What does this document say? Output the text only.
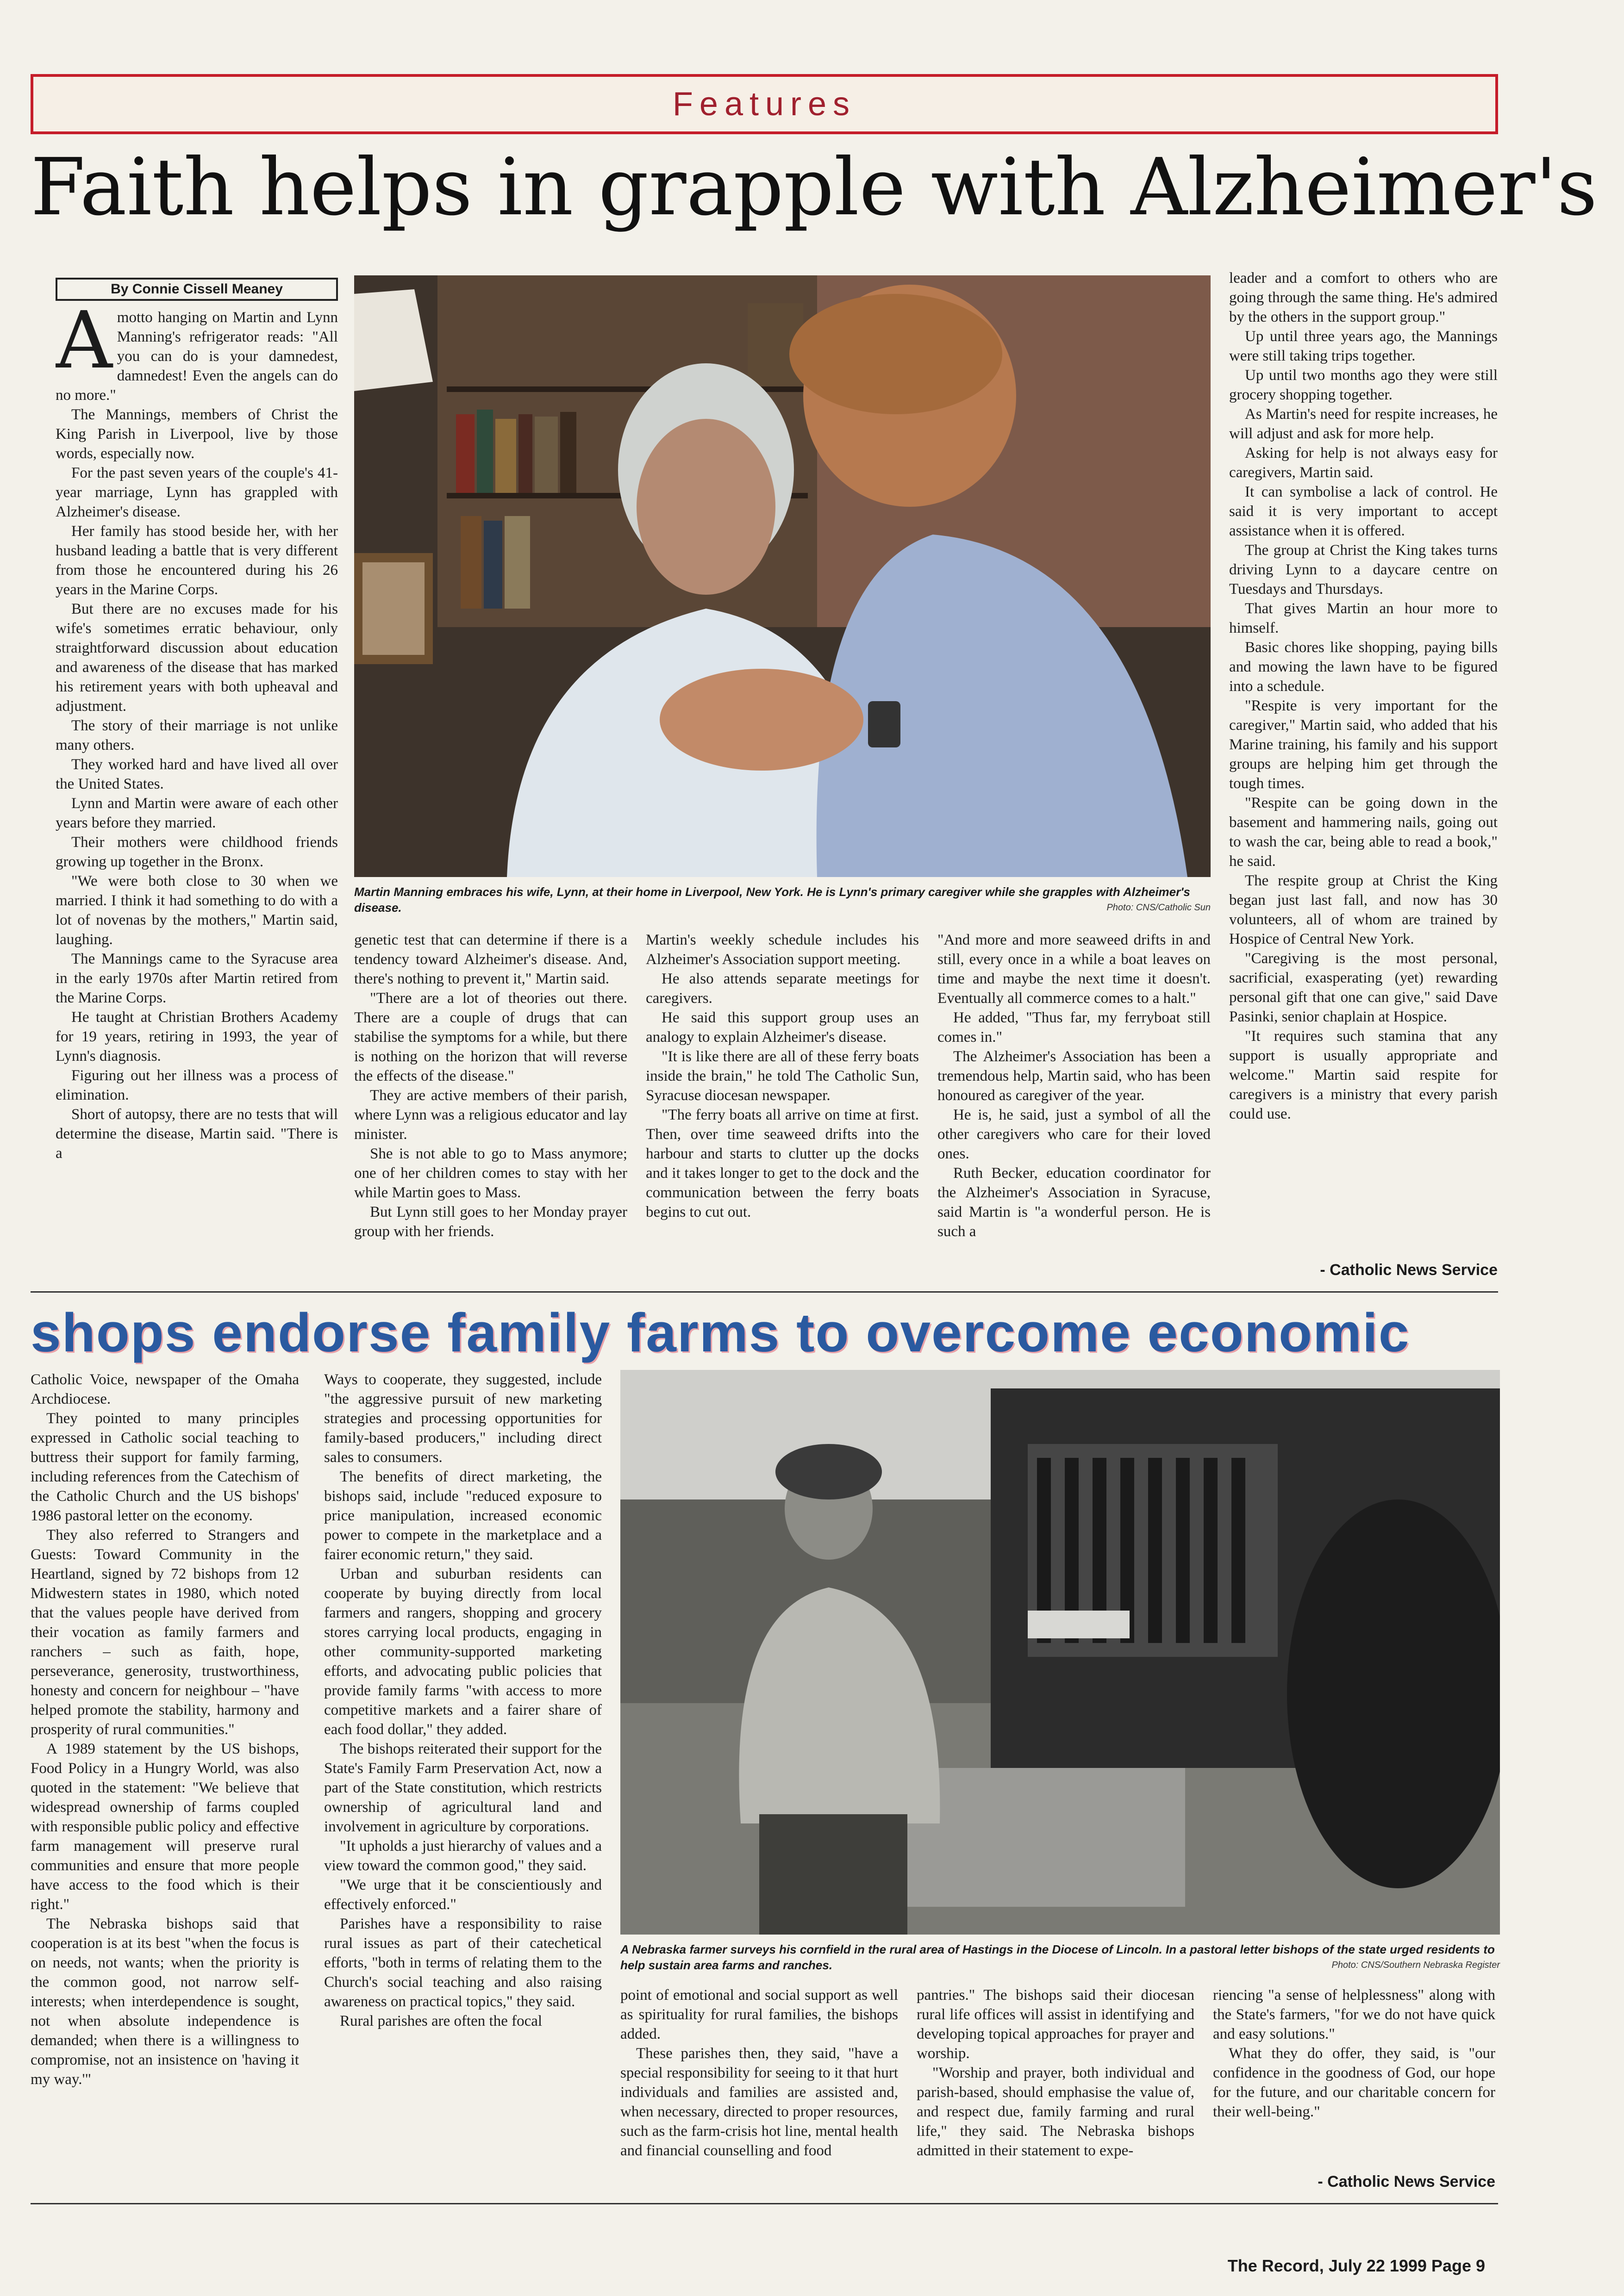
Features
Faith helps in grapple with Alzheimer's
By Connie Cissell Meaney

Amotto hanging on Martin and Lynn Manning's refrigerator reads: "All you can do is your damnedest, damnedest! Even the angels can do no more."

The Mannings, members of Christ the King Parish in Liverpool, live by those words, especially now.

For the past seven years of the couple's 41-year marriage, Lynn has grappled with Alzheimer's disease.

Her family has stood beside her, with her husband leading a battle that is very different from those he encountered during his 26 years in the Marine Corps.

But there are no excuses made for his wife's sometimes erratic behaviour, only straightforward discussion about education and awareness of the disease that has marked his retirement years with both upheaval and adjustment.

The story of their marriage is not unlike many others.

They worked hard and have lived all over the United States.

Lynn and Martin were aware of each other years before they married.

Their mothers were childhood friends growing up together in the Bronx.

"We were both close to 30 when we married. I think it had something to do with a lot of novenas by the mothers," Martin said, laughing.

The Mannings came to the Syracuse area in the early 1970s after Martin retired from the Marine Corps.

He taught at Christian Brothers Academy for 19 years, retiring in 1993, the year of Lynn's diagnosis.

Figuring out her illness was a process of elimination.

Short of autopsy, there are no tests that will determine the disease, Martin said. "There is a

Martin Manning embraces his wife, Lynn, at their home in Liverpool, New York. He is Lynn's primary caregiver while she grapples with Alzheimer's disease.	Photo: CNS/Catholic Sun

genetic test that can determine if there is a tendency toward Alzheimer's disease. And, there's nothing to prevent it," Martin said.

"There are a lot of theories out there. There are a couple of drugs that can stabilise the symptoms for a while, but there is nothing on the horizon that will reverse the effects of the disease."

They are active members of their parish, where Lynn was a religious educator and lay minister.

She is not able to go to Mass anymore; one of her children comes to stay with her while Martin goes to Mass.

But Lynn still goes to her Monday prayer group with her friends.

Martin's weekly schedule includes his Alzheimer's Association support meeting.

He also attends separate meetings for caregivers.

He said this support group uses an analogy to explain Alzheimer's disease.

"It is like there are all of these ferry boats inside the brain," he told The Catholic Sun, Syracuse diocesan newspaper.

"The ferry boats all arrive on time at first. Then, over time seaweed drifts into the harbour and starts to clutter up the docks and it takes longer to get to the dock and the communication between the ferry boats begins to cut out.

"And more and more seaweed drifts in and still, every once in a while a boat leaves on time and maybe the next time it doesn't. Eventually all commerce comes to a halt."

He added, "Thus far, my ferryboat still comes in."

The Alzheimer's Association has been a tremendous help, Martin said, who has been honoured as caregiver of the year.

He is, he said, just a symbol of all the other caregivers who care for their loved ones.

Ruth Becker, education coordinator for the Alzheimer's Association in Syracuse, said Martin is "a wonderful person. He is such a

leader and a comfort to others who are going through the same thing. He's admired by the others in the support group."

Up until three years ago, the Mannings were still taking trips together.

Up until two months ago they were still grocery shopping together.

As Martin's need for respite increases, he will adjust and ask for more help.

Asking for help is not always easy for caregivers, Martin said.

It can symbolise a lack of control. He said it is very important to accept assistance when it is offered.

The group at Christ the King takes turns driving Lynn to a daycare centre on Tuesdays and Thursdays.

That gives Martin an hour more to himself.

Basic chores like shopping, paying bills and mowing the lawn have to be figured into a schedule.

"Respite is very important for the caregiver," Martin said, who added that his Marine training, his family and his support groups are helping him get through the tough times.

"Respite can be going down in the basement and hammering nails, going out to wash the car, being able to read a book," he said.

The respite group at Christ the King began just last fall, and now has 30 volunteers, all of whom are trained by Hospice of Central New York.

"Caregiving is the most personal, sacrificial, exasperating (yet) rewarding personal gift that one can give," said Dave Pasinki, senior chaplain at Hospice.

"It requires such stamina that any support is usually appropriate and welcome." Martin said respite for caregivers is a ministry that every parish could use.

- Catholic News Service
shops endorse family farms to overcome economic

Catholic Voice, newspaper of the Omaha Archdiocese.

They pointed to many principles expressed in Catholic social teaching to buttress their support for family farming, including references from the Catechism of the Catholic Church and the US bishops' 1986 pastoral letter on the economy.

They also referred to Strangers and Guests: Toward Community in the Heartland, signed by 72 bishops from 12 Midwestern states in 1980, which noted that the values people have derived from their vocation as family farmers and ranchers – such as faith, hope, perseverance, generosity, trustworthiness, honesty and concern for neighbour – "have helped promote the stability, harmony and prosperity of rural communities."

A 1989 statement by the US bishops, Food Policy in a Hungry World, was also quoted in the statement: "We believe that widespread ownership of farms coupled with responsible public policy and effective farm management will preserve rural communities and ensure that more people have access to the food which is their right."

The Nebraska bishops said that cooperation is at its best "when the focus is on needs, not wants; when the priority is the common good, not narrow self-interests; when interdependence is sought, not when absolute independence is demanded; when there is a willingness to compromise, not an insistence on 'having it my way.'"

Ways to cooperate, they suggested, include "the aggressive pursuit of new marketing strategies and processing opportunities for family-based producers," including direct sales to consumers.

The benefits of direct marketing, the bishops said, include "reduced exposure to price manipulation, increased economic power to compete in the marketplace and a fairer economic return," they said.

Urban and suburban residents can cooperate by buying directly from local farmers and rangers, shopping and grocery stores carrying local products, engaging in other community-supported marketing efforts, and advocating public policies that provide family farms "with access to more competitive markets and a fairer share of each food dollar," they added.

The bishops reiterated their support for the State's Family Farm Preservation Act, now a part of the State constitution, which restricts ownership of agricultural land and involvement in agriculture by corporations.

"It upholds a just hierarchy of values and a view toward the common good," they said.

"We urge that it be conscientiously and effectively enforced."

Parishes have a responsibility to raise rural issues as part of their catechetical efforts, "both in terms of relating them to the Church's social teaching and also raising awareness on practical topics," they said.

Rural parishes are often the focal

A Nebraska farmer surveys his cornfield in the rural area of Hastings in the Diocese of Lincoln. In a pastoral letter bishops of the state urged residents to help sustain area farms and ranches.	Photo: CNS/Southern Nebraska Register

point of emotional and social support as well as spirituality for rural families, the bishops added.

These parishes then, they said, "have a special responsibility for seeing to it that hurt individuals and families are assisted and, when necessary, directed to proper resources, such as the farm-crisis hot line, mental health and financial counselling and food

pantries." The bishops said their diocesan rural life offices will assist in identifying and developing topical approaches for prayer and worship.

"Worship and prayer, both individual and parish-based, should emphasise the value of, and respect due, family farming and rural life," they said. The Nebraska bishops admitted in their statement to expe-

riencing "a sense of helplessness" along with the State's farmers, "for we do not have quick and easy solutions."

What they do offer, they said, is "our confidence in the goodness of God, our hope for the future, and our charitable concern for their well-being."

- Catholic News Service
The Record, July 22 1999 Page 9
